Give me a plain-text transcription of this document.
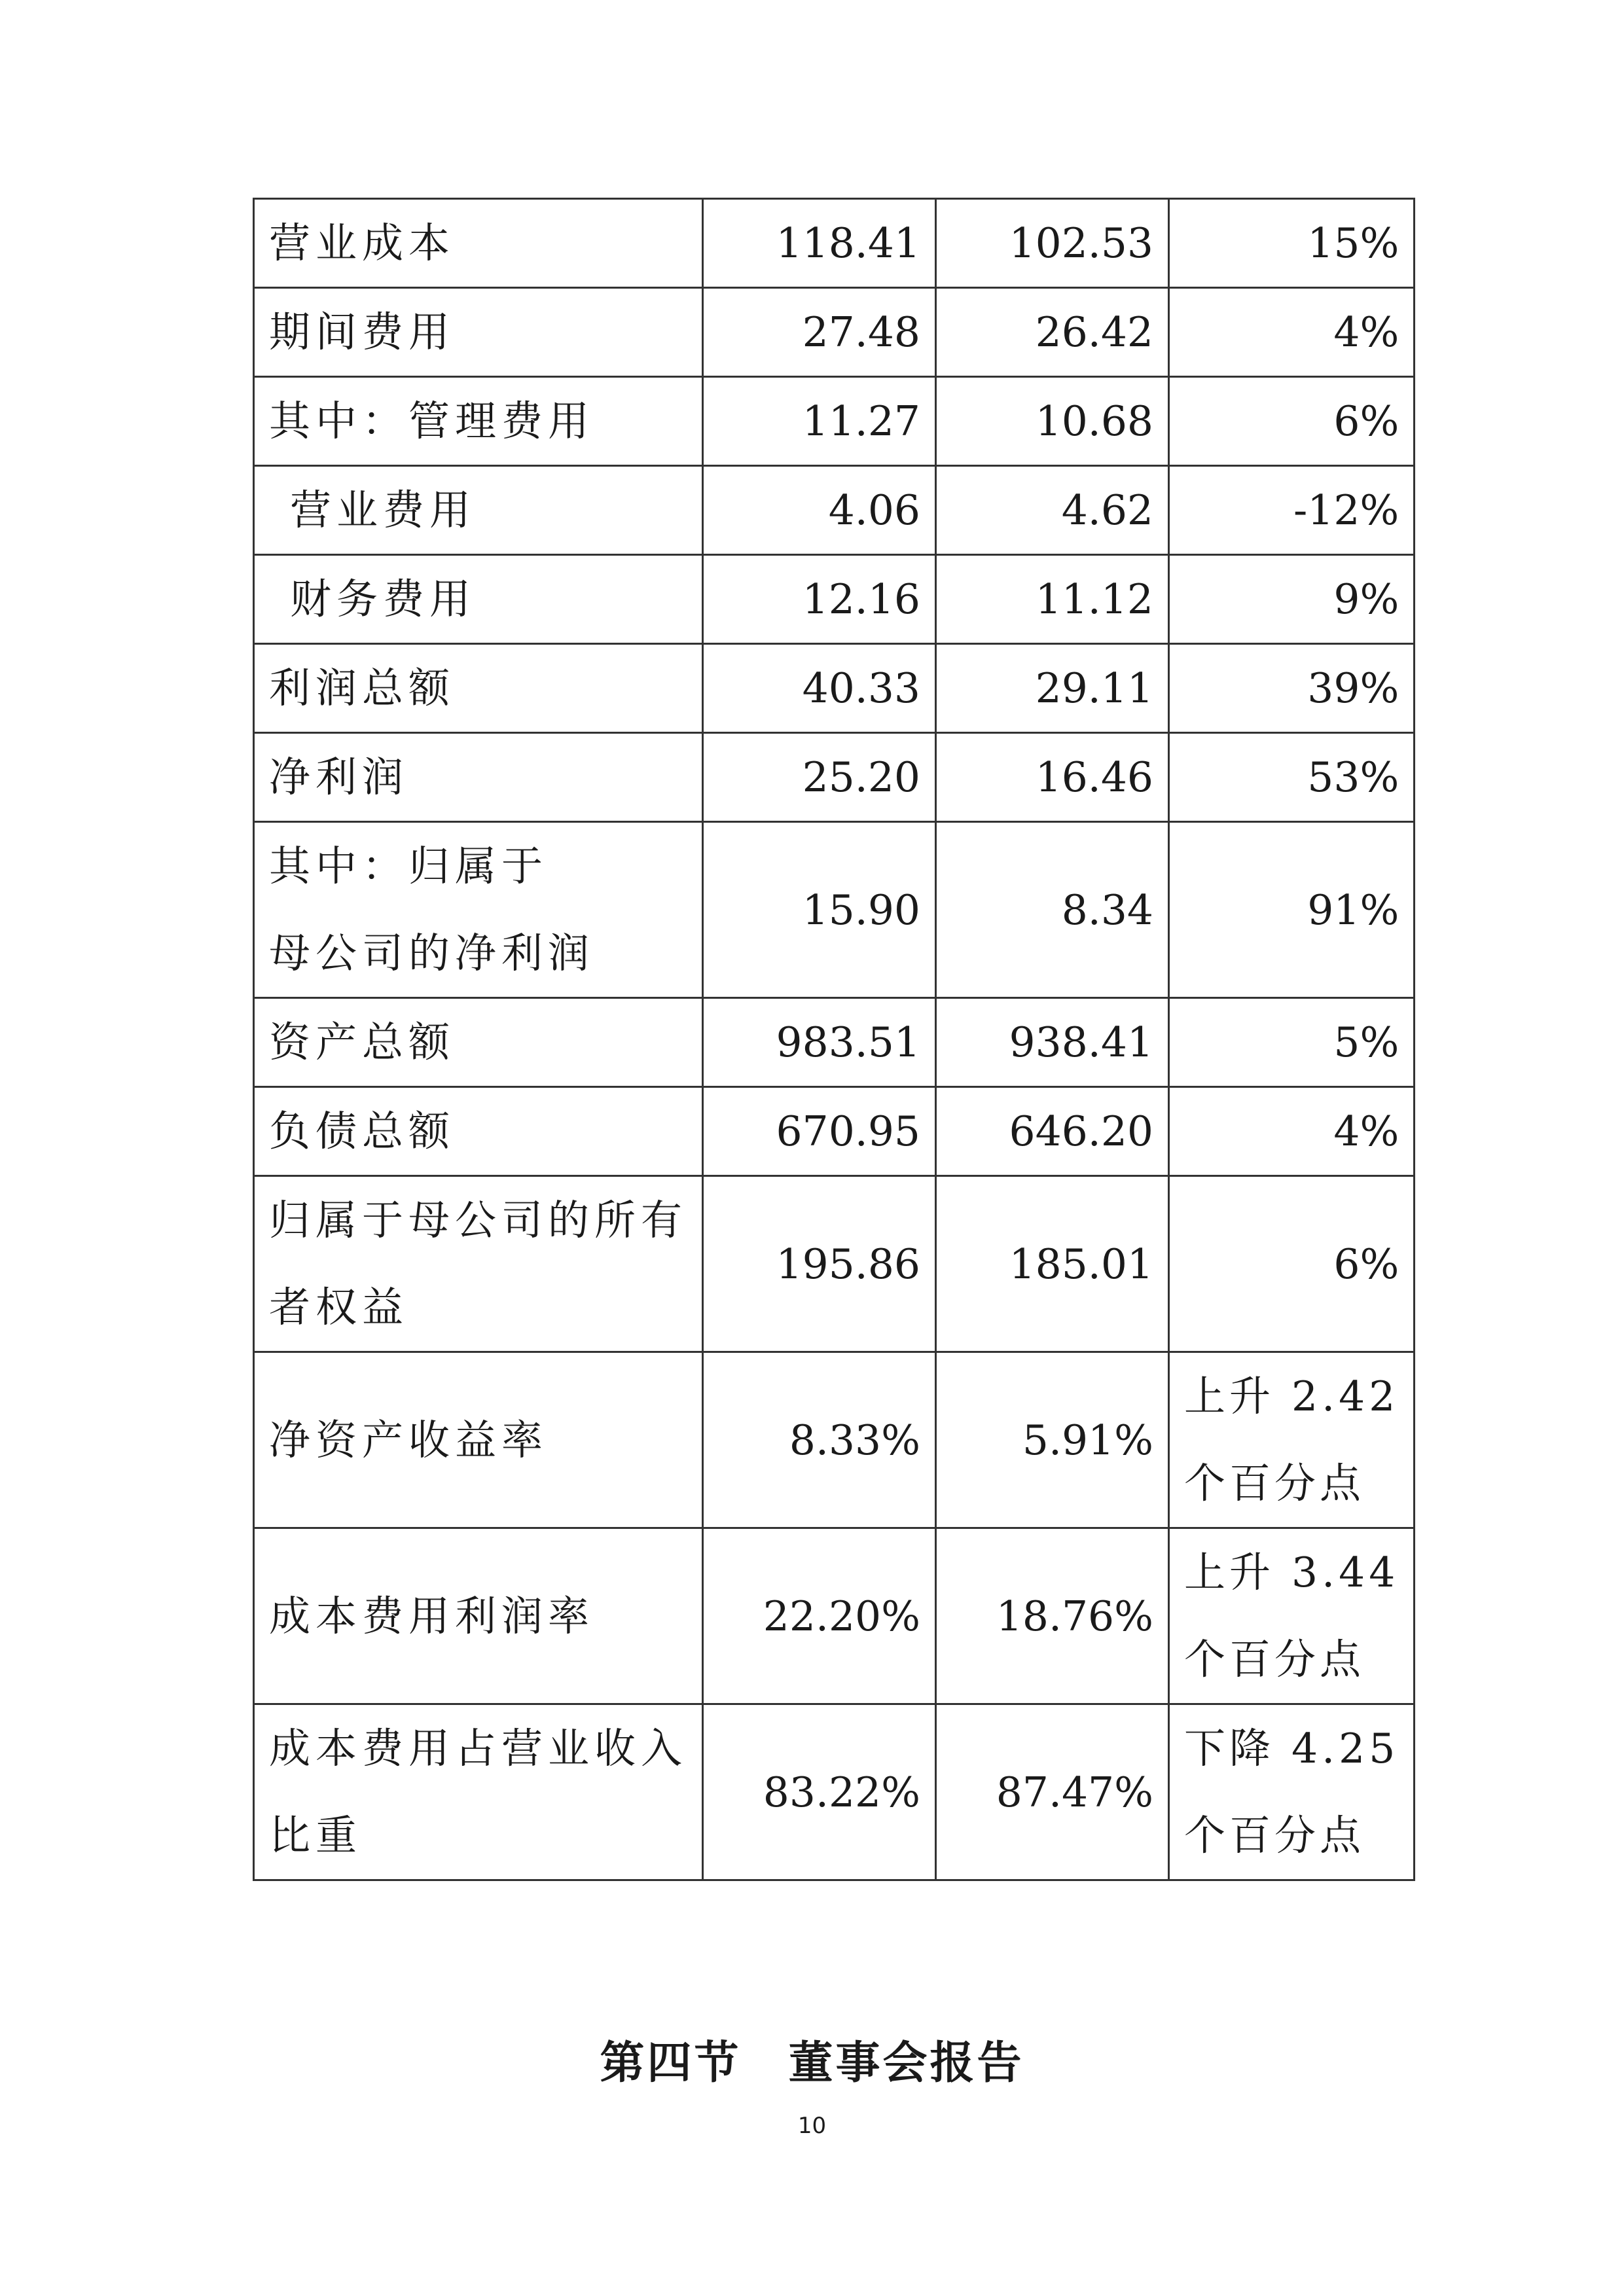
营业成本	118.41	102.53	15%
期间费用	27.48	26.42	4%
其中：管理费用	11.27	10.68	6%
营业费用	4.06	4.62	-12%
财务费用	12.16	11.12	9%
利润总额	40.33	29.11	39%
净利润	25.20	16.46	53%
其中：归属于
母公司的净利润	15.90	8.34	91%
资产总额	983.51	938.41	5%
负债总额	670.95	646.20	4%
归属于母公司的所有
者权益	195.86	185.01	6%
净资产收益率	8.33%	5.91%	上升 2.42
个百分点
成本费用利润率	22.20%	18.76%	上升 3.44
个百分点
成本费用占营业收入
比重	83.22%	87.47%	下降 4.25
个百分点
第四节　董事会报告
10
